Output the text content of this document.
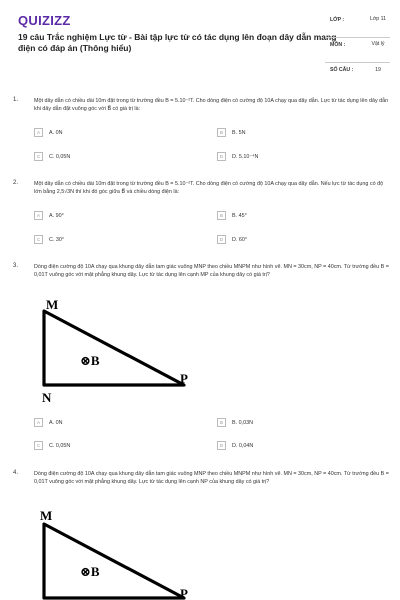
QUIZIZZ
19 câu Trắc nghiệm Lực từ - Bài tập lực từ có tác dụng lên đoạn dây dẫn mang điện có đáp án (Thông hiểu)
LỚP :	Lớp 11
MÔN :	Vật lý
SỐ CÂU :	19
1.	Một dây dẫn có chiều dài 10m đặt trong từ trường đều B = 5.10⁻²T. Cho dòng điện có cường độ 10A chạy qua dây dẫn. Lực từ tác dụng lên dây dẫn khi dây dẫn đặt vuông góc với B⃗ có giá trị là:
A	A. 0N	B	B. 5N
C	C. 0,05N	D	D. 5.10⁻⁴N
2.	Một dây dẫn có chiều dài 10m đặt trong từ trường đều B = 5.10⁻²T. Cho dòng điện có cường độ 10A chạy qua dây dẫn. Nếu lực từ tác dụng có độ lớn bằng 2,5√3N thì khi đó góc giữa B⃗ và chiều dòng điện là:
A	A. 90°	B	B. 45°
C	C. 30°	D	D. 60°
3.	Dòng điện cường độ 10A chạy qua khung dây dẫn tam giác vuông MNP theo chiều MNPM như hình vẽ. MN = 30cm, NP = 40cm. Từ trường đều B = 0,01T vuông góc với mặt phẳng khung dây. Lực từ tác dụng lên cạnh MP của khung dây có giá trị?
M
N
P
⊗B⃗
A	A. 0N	B	B. 0,03N
C	C. 0,05N	D	D. 0,04N
4.	Dòng điện cường độ 10A chạy qua khung dây dẫn tam giác vuông MNP theo chiều MNPM như hình vẽ. MN = 30cm, NP = 40cm. Từ trường đều B = 0,01T vuông góc với mặt phẳng khung dây. Lực từ tác dụng lên cạnh NP của khung dây có giá trị?
M
P
⊗B⃗
